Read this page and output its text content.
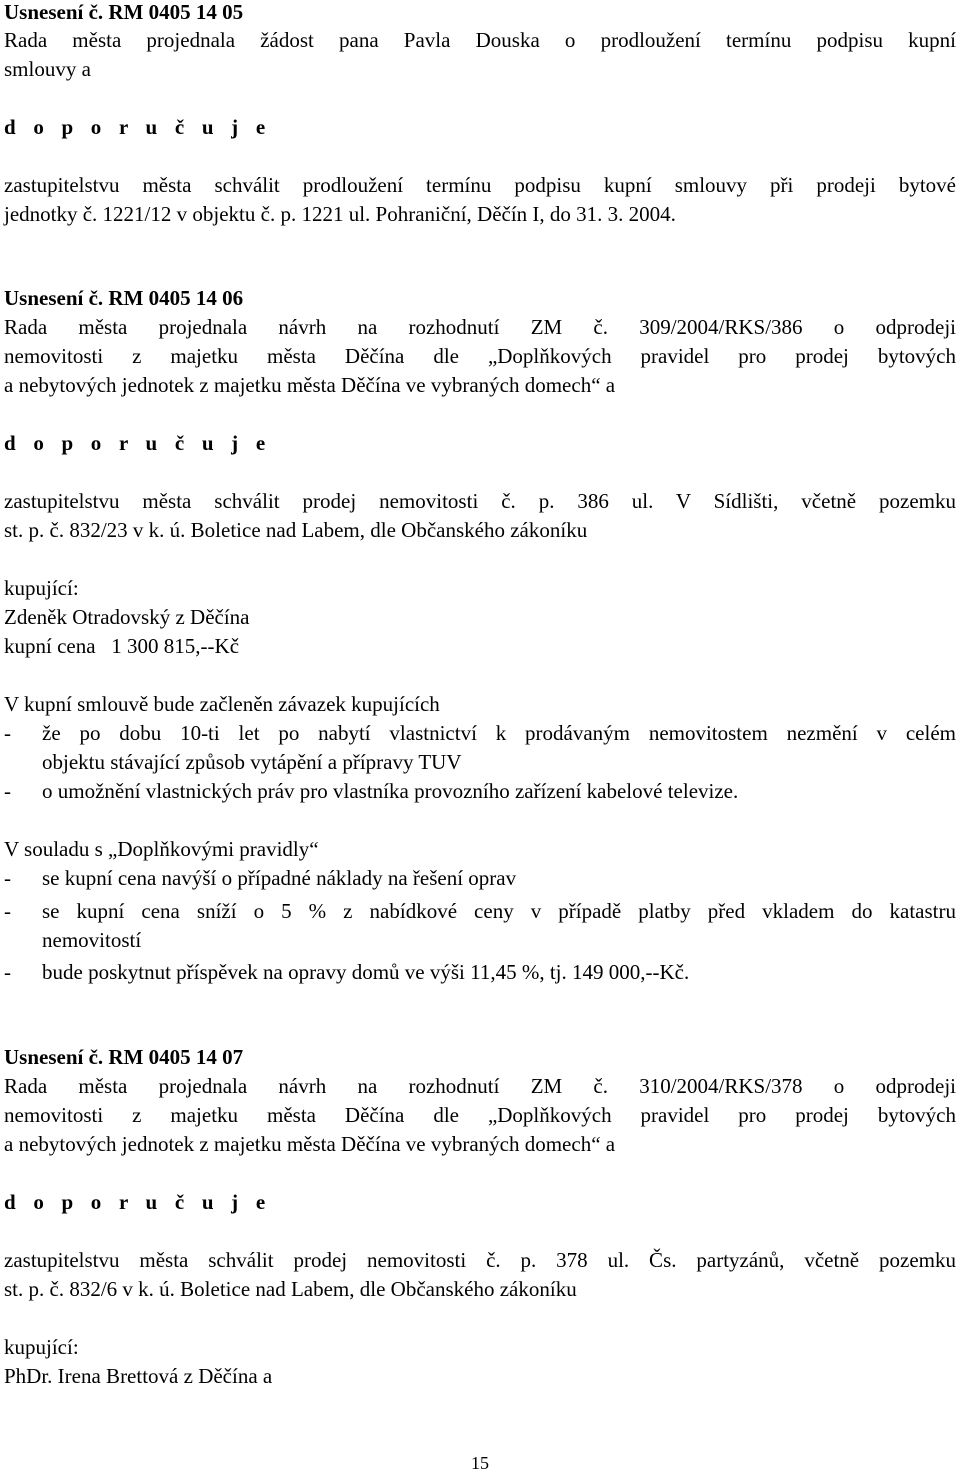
Usnesení č. RM 0405 14 05
Rada města projednala žádost pana Pavla Douska o prodloužení termínu podpisu kupní
smlouvy a
d o p o r u č u j e
zastupitelstvu města schválit prodloužení termínu podpisu kupní smlouvy při prodeji bytové
jednotky č. 1221/12 v objektu č. p. 1221 ul. Pohraniční, Děčín I, do 31. 3. 2004.
Usnesení č. RM 0405 14 06
Rada města projednala návrh na rozhodnutí ZM č. 309/2004/RKS/386 o odprodeji
nemovitosti z majetku města Děčína dle „Doplňkových pravidel pro prodej bytových
a nebytových jednotek z majetku města Děčína ve vybraných domech“ a
d o p o r u č u j e
zastupitelstvu města schválit prodej nemovitosti č. p. 386 ul. V Sídlišti, včetně pozemku
st. p. č. 832/23 v k. ú. Boletice nad Labem, dle Občanského zákoníku
kupující:
Zdeněk Otradovský z Děčína
kupní cena   1 300 815,--Kč
V kupní smlouvě bude začleněn závazek kupujících
- že po dobu 10-ti let po nabytí vlastnictví k prodávaným nemovitostem nezmění v celém
objektu stávající způsob vytápění a přípravy TUV
- o umožnění vlastnických práv pro vlastníka provozního zařízení kabelové televize.
V souladu s „Doplňkovými pravidly“
- se kupní cena navýší o případné náklady na řešení oprav
- se kupní cena sníží o 5 % z nabídkové ceny v případě platby před vkladem do katastru
nemovitostí
- bude poskytnut příspěvek na opravy domů ve výši 11,45 %, tj. 149 000,--Kč.
Usnesení č. RM 0405 14 07
Rada města projednala návrh na rozhodnutí ZM č. 310/2004/RKS/378 o odprodeji
nemovitosti z majetku města Děčína dle „Doplňkových pravidel pro prodej bytových
a nebytových jednotek z majetku města Děčína ve vybraných domech“ a
d o p o r u č u j e
zastupitelstvu města schválit prodej nemovitosti č. p. 378 ul. Čs. partyzánů, včetně pozemku
st. p. č. 832/6 v k. ú. Boletice nad Labem, dle Občanského zákoníku
kupující:
PhDr. Irena Brettová z Děčína a
15
